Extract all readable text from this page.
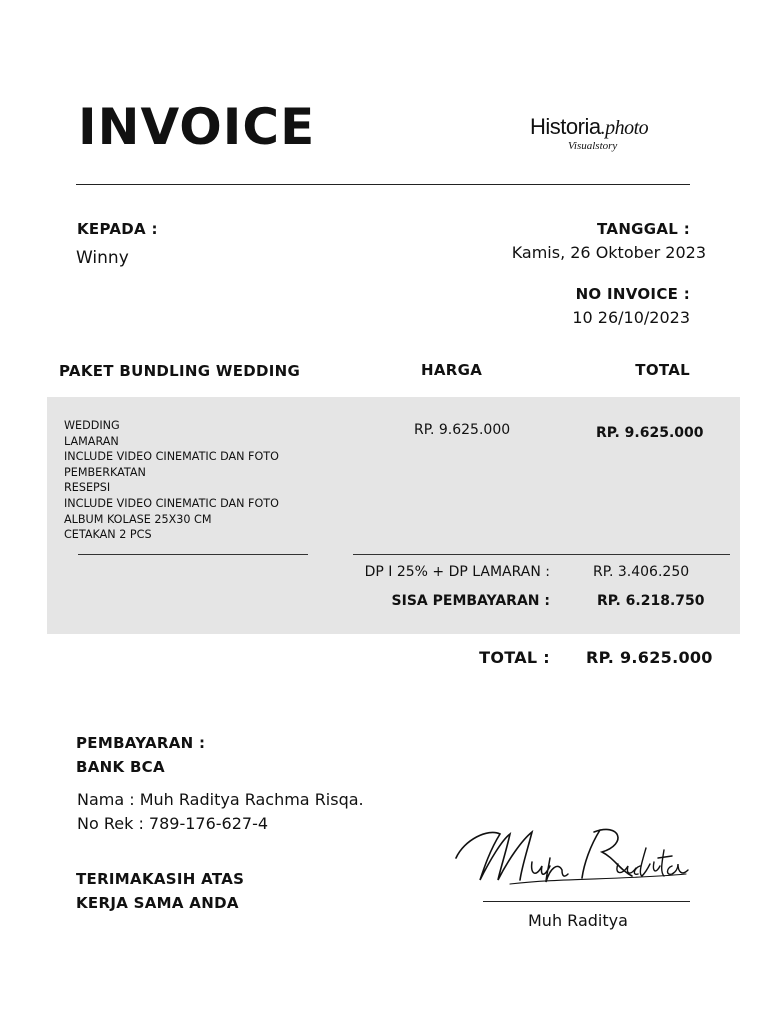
INVOICE	Historia.photo
Visualstory
KEPADA :
Winny
TANGGAL :
Kamis, 26 Oktober 2023
NO INVOICE :
10 26/10/2023
PAKET BUNDLING WEDDING	HARGA	TOTAL
WEDDING
LAMARAN
INCLUDE VIDEO CINEMATIC DAN FOTO
PEMBERKATAN
RESEPSI
INCLUDE VIDEO CINEMATIC DAN FOTO
ALBUM KOLASE 25X30 CM
CETAKAN 2 PCS
RP. 9.625.000	RP. 9.625.000
DP I 25% + DP LAMARAN :	RP. 3.406.250
SISA PEMBAYARAN :	RP. 6.218.750
TOTAL : RP. 9.625.000
PEMBAYARAN :
BANK BCA
Nama : Muh Raditya Rachma Risqa.
No Rek : 789-176-627-4
TERIMAKASIH ATAS
KERJA SAMA ANDA
Muh Raditya
